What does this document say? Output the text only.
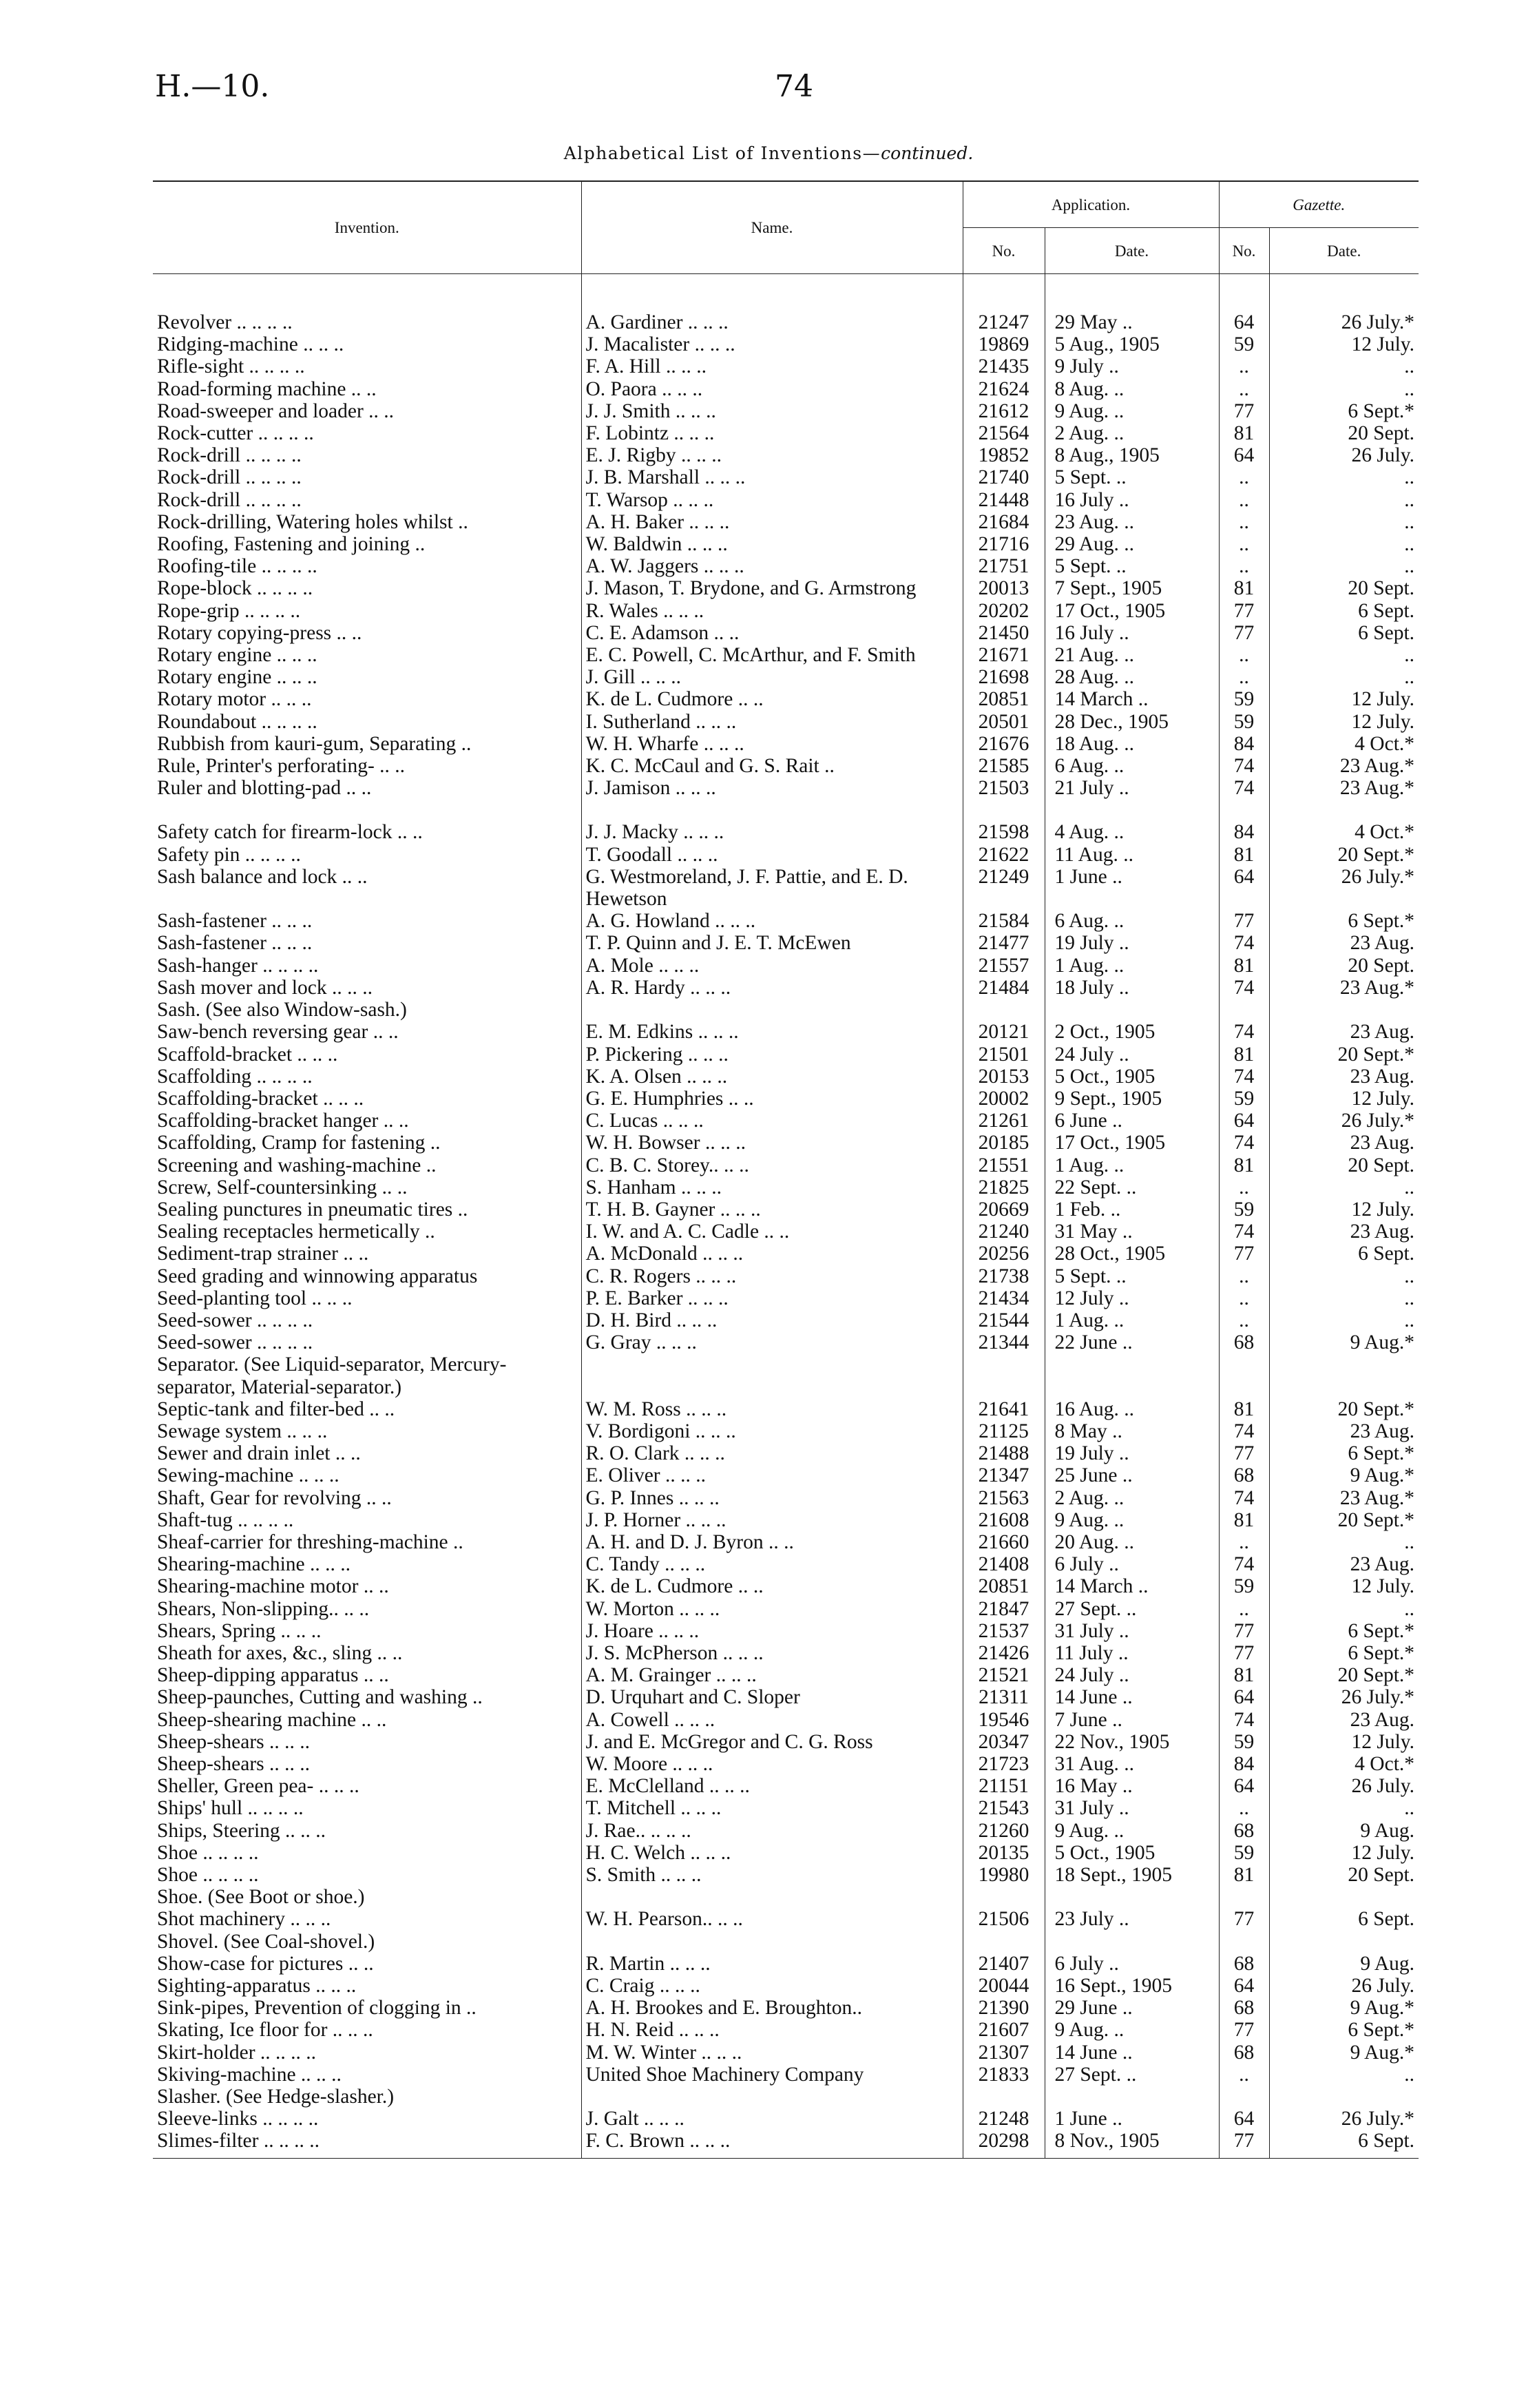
H.—10.	74
Alphabetical List of Inventions—continued.
Invention.	Name.	Application.		Gazette.	
		No.	Date.	No.	Date.

Revolver .. .. .. ..	A. Gardiner .. .. ..	21247	29 May ..	64	26 July.*
Ridging-machine .. .. ..	J. Macalister .. .. ..	19869	5 Aug., 1905	59	12 July.
Rifle-sight .. .. .. ..	F. A. Hill .. .. ..	21435	9 July ..	..	..
Road-forming machine .. ..	O. Paora .. .. ..	21624	8 Aug. ..	..	..
Road-sweeper and loader .. ..	J. J. Smith .. .. ..	21612	9 Aug. ..	77	6 Sept.*
Rock-cutter .. .. .. ..	F. Lobintz .. .. ..	21564	2 Aug. ..	81	20 Sept.
Rock-drill .. .. .. ..	E. J. Rigby .. .. ..	19852	8 Aug., 1905	64	26 July.
Rock-drill .. .. .. ..	J. B. Marshall .. .. ..	21740	5 Sept. ..	..	..
Rock-drill .. .. .. ..	T. Warsop .. .. ..	21448	16 July ..	..	..
Rock-drilling, Watering holes whilst ..	A. H. Baker .. .. ..	21684	23 Aug. ..	..	..
Roofing, Fastening and joining ..	W. Baldwin .. .. ..	21716	29 Aug. ..	..	..
Roofing-tile .. .. .. ..	A. W. Jaggers .. .. ..	21751	5 Sept. ..	..	..
Rope-block .. .. .. ..	J. Mason, T. Brydone, and G. Armstrong	20013	7 Sept., 1905	81	20 Sept.
Rope-grip .. .. .. ..	R. Wales .. .. ..	20202	17 Oct., 1905	77	6 Sept.
Rotary copying-press .. ..	C. E. Adamson .. ..	21450	16 July ..	77	6 Sept.
Rotary engine .. .. ..	E. C. Powell, C. McArthur, and F. Smith	21671	21 Aug. ..	..	..
Rotary engine .. .. ..	J. Gill .. .. ..	21698	28 Aug. ..	..	..
Rotary motor .. .. ..	K. de L. Cudmore .. ..	20851	14 March ..	59	12 July.
Roundabout .. .. .. ..	I. Sutherland .. .. ..	20501	28 Dec., 1905	59	12 July.
Rubbish from kauri-gum, Separating ..	W. H. Wharfe .. .. ..	21676	18 Aug. ..	84	4 Oct.*
Rule, Printer's perforating- .. ..	K. C. McCaul and G. S. Rait ..	21585	6 Aug. ..	74	23 Aug.*
Ruler and blotting-pad .. ..	J. Jamison .. .. ..	21503	21 July ..	74	23 Aug.*

Safety catch for firearm-lock .. ..	J. J. Macky .. .. ..	21598	4 Aug. ..	84	4 Oct.*
Safety pin .. .. .. ..	T. Goodall .. .. ..	21622	11 Aug. ..	81	20 Sept.*
Sash balance and lock .. ..	G. Westmoreland, J. F. Pattie, and E. D. Hewetson	21249	1 June ..	64	26 July.*
Sash-fastener .. .. ..	A. G. Howland .. .. ..	21584	6 Aug. ..	77	6 Sept.*
Sash-fastener .. .. ..	T. P. Quinn and J. E. T. McEwen	21477	19 July ..	74	23 Aug.
Sash-hanger .. .. .. ..	A. Mole .. .. ..	21557	1 Aug. ..	81	20 Sept.
Sash mover and lock .. .. ..	A. R. Hardy .. .. ..	21484	18 July ..	74	23 Aug.*
Sash. (See also Window-sash.)					
Saw-bench reversing gear .. ..	E. M. Edkins .. .. ..	20121	2 Oct., 1905	74	23 Aug.
Scaffold-bracket .. .. ..	P. Pickering .. .. ..	21501	24 July ..	81	20 Sept.*
Scaffolding .. .. .. ..	K. A. Olsen .. .. ..	20153	5 Oct., 1905	74	23 Aug.
Scaffolding-bracket .. .. ..	G. E. Humphries .. ..	20002	9 Sept., 1905	59	12 July.
Scaffolding-bracket hanger .. ..	C. Lucas .. .. ..	21261	6 June ..	64	26 July.*
Scaffolding, Cramp for fastening ..	W. H. Bowser .. .. ..	20185	17 Oct., 1905	74	23 Aug.
Screening and washing-machine ..	C. B. C. Storey.. .. ..	21551	1 Aug. ..	81	20 Sept.
Screw, Self-countersinking .. ..	S. Hanham .. .. ..	21825	22 Sept. ..	..	..
Sealing punctures in pneumatic tires ..	T. H. B. Gayner .. .. ..	20669	1 Feb. ..	59	12 July.
Sealing receptacles hermetically ..	I. W. and A. C. Cadle .. ..	21240	31 May ..	74	23 Aug.
Sediment-trap strainer .. ..	A. McDonald .. .. ..	20256	28 Oct., 1905	77	6 Sept.
Seed grading and winnowing apparatus	C. R. Rogers .. .. ..	21738	5 Sept. ..	..	..
Seed-planting tool .. .. ..	P. E. Barker .. .. ..	21434	12 July ..	..	..
Seed-sower .. .. .. ..	D. H. Bird .. .. ..	21544	1 Aug. ..	..	..
Seed-sower .. .. .. ..	G. Gray .. .. ..	21344	22 June ..	68	9 Aug.*
Separator. (See Liquid-separator, Mercury-separator, Material-separator.)					
Septic-tank and filter-bed .. ..	W. M. Ross .. .. ..	21641	16 Aug. ..	81	20 Sept.*
Sewage system .. .. ..	V. Bordigoni .. .. ..	21125	8 May ..	74	23 Aug.
Sewer and drain inlet .. ..	R. O. Clark .. .. ..	21488	19 July ..	77	6 Sept.*
Sewing-machine .. .. ..	E. Oliver .. .. ..	21347	25 June ..	68	9 Aug.*
Shaft, Gear for revolving .. ..	G. P. Innes .. .. ..	21563	2 Aug. ..	74	23 Aug.*
Shaft-tug .. .. .. ..	J. P. Horner .. .. ..	21608	9 Aug. ..	81	20 Sept.*
Sheaf-carrier for threshing-machine ..	A. H. and D. J. Byron .. ..	21660	20 Aug. ..	..	..
Shearing-machine .. .. ..	C. Tandy .. .. ..	21408	6 July ..	74	23 Aug.
Shearing-machine motor .. ..	K. de L. Cudmore .. ..	20851	14 March ..	59	12 July.
Shears, Non-slipping.. .. ..	W. Morton .. .. ..	21847	27 Sept. ..	..	..
Shears, Spring .. .. ..	J. Hoare .. .. ..	21537	31 July ..	77	6 Sept.*
Sheath for axes, &c., sling .. ..	J. S. McPherson .. .. ..	21426	11 July ..	77	6 Sept.*
Sheep-dipping apparatus .. ..	A. M. Grainger .. .. ..	21521	24 July ..	81	20 Sept.*
Sheep-paunches, Cutting and washing ..	D. Urquhart and C. Sloper	21311	14 June ..	64	26 July.*
Sheep-shearing machine .. ..	A. Cowell .. .. ..	19546	7 June ..	74	23 Aug.
Sheep-shears .. .. ..	J. and E. McGregor and C. G. Ross	20347	22 Nov., 1905	59	12 July.
Sheep-shears .. .. ..	W. Moore .. .. ..	21723	31 Aug. ..	84	4 Oct.*
Sheller, Green pea- .. .. ..	E. McClelland .. .. ..	21151	16 May ..	64	26 July.
Ships' hull .. .. .. ..	T. Mitchell .. .. ..	21543	31 July ..	..	..
Ships, Steering .. .. ..	J. Rae.. .. .. ..	21260	9 Aug. ..	68	9 Aug.
Shoe .. .. .. ..	H. C. Welch .. .. ..	20135	5 Oct., 1905	59	12 July.
Shoe .. .. .. ..	S. Smith .. .. ..	19980	18 Sept., 1905	81	20 Sept.
Shoe. (See Boot or shoe.)					
Shot machinery .. .. ..	W. H. Pearson.. .. ..	21506	23 July ..	77	6 Sept.
Shovel. (See Coal-shovel.)					
Show-case for pictures .. ..	R. Martin .. .. ..	21407	6 July ..	68	9 Aug.
Sighting-apparatus .. .. ..	C. Craig .. .. ..	20044	16 Sept., 1905	64	26 July.
Sink-pipes, Prevention of clogging in ..	A. H. Brookes and E. Broughton..	21390	29 June ..	68	9 Aug.*
Skating, Ice floor for .. .. ..	H. N. Reid .. .. ..	21607	9 Aug. ..	77	6 Sept.*
Skirt-holder .. .. .. ..	M. W. Winter .. .. ..	21307	14 June ..	68	9 Aug.*
Skiving-machine .. .. ..	United Shoe Machinery Company	21833	27 Sept. ..	..	..
Slasher. (See Hedge-slasher.)					
Sleeve-links .. .. .. ..	J. Galt .. .. ..	21248	1 June ..	64	26 July.*
Slimes-filter .. .. .. ..	F. C. Brown .. .. ..	20298	8 Nov., 1905	77	6 Sept.
